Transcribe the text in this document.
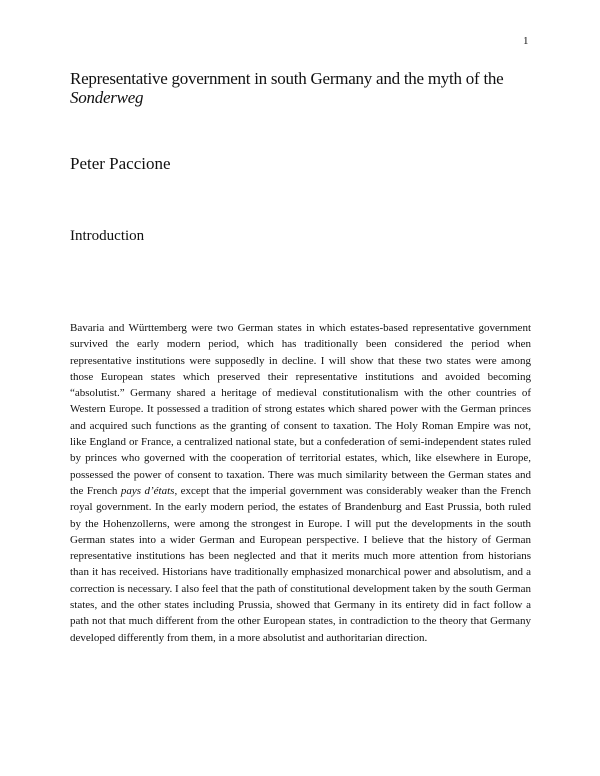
1
Representative government in south Germany and the myth of the
Sonderweg
Peter Paccione
Introduction

Bavaria and Württemberg were two German states in which estates-based representative government survived the early modern period, which has traditionally been considered the period when representative institutions were supposedly in decline. I will show that these two states were among those European states which preserved their representative institutions and avoided becoming “absolutist.” Germany shared a heritage of medieval constitutionalism with the other countries of Western Europe. It possessed a tradition of strong estates which shared power with the German princes and acquired such functions as the granting of consent to taxation. The Holy Roman Empire was not, like England or France, a centralized national state, but a confederation of semi-independent states ruled by princes who governed with the cooperation of territorial estates, which, like elsewhere in Europe, possessed the power of consent to taxation. There was much similarity between the German states and the French pays d’états, except that the imperial government was considerably weaker than the French royal government. In the early modern period, the estates of Brandenburg and East Prussia, both ruled by the Hohenzollerns, were among the strongest in Europe. I will put the developments in the south German states into a wider German and European perspective. I believe that the history of German representative institutions has been neglected and that it merits much more attention from historians than it has received. Historians have traditionally emphasized monarchical power and absolutism, and a correction is necessary. I also feel that the path of constitutional development taken by the south German states, and the other states including Prussia, showed that Germany in its entirety did in fact follow a path not that much different from the other European states, in contradiction to the theory that Germany developed differently from them, in a more absolutist and authoritarian direction.
